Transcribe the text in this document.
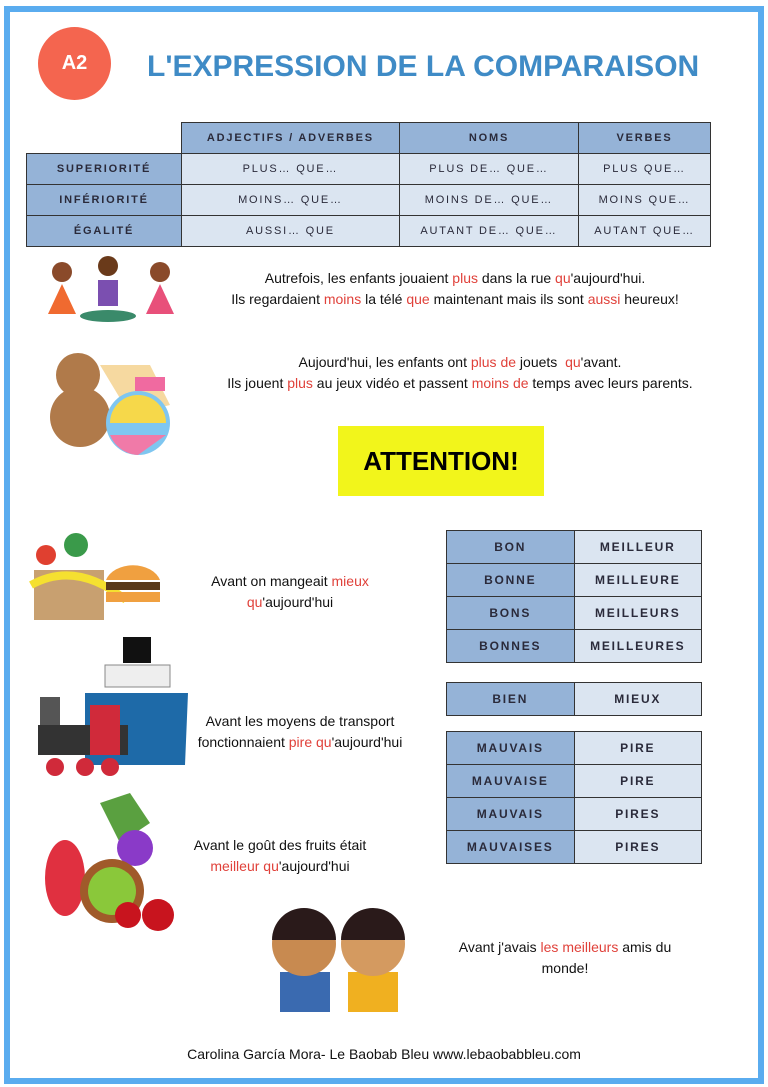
A2	L'EXPRESSION DE LA COMPARAISON
	ADJECTIFS / ADVERBES	NOMS	VERBES
SUPERIORITÉ	PLUS… QUE…	PLUS DE… QUE…	PLUS QUE…
INFÉRIORITÉ	MOINS… QUE…	MOINS DE… QUE…	MOINS QUE…
ÉGALITÉ	AUSSI… QUE	AUTANT DE… QUE…	AUTANT QUE…
Autrefois, les enfants jouaient plus dans la rue qu'aujourd'hui.
Ils regardaient moins la télé que maintenant mais ils sont aussi heureux!
Aujourd'hui, les enfants ont plus de jouets  qu'avant.
Ils jouent plus au jeux vidéo et passent moins de temps avec leurs parents.
ATTENTION!
Avant on mangeait mieux
qu'aujourd'hui
Avant les moyens de transport
fonctionnaient pire qu'aujourd'hui
Avant le goût des fruits était
meilleur qu'aujourd'hui
Avant j'avais les meilleurs amis du
monde!
BON	MEILLEUR
BONNE	MEILLEURE
BONS	MEILLEURS
BONNES	MEILLEURES
BIEN	MIEUX
MAUVAIS	PIRE
MAUVAISE	PIRE
MAUVAIS	PIRES
MAUVAISES	PIRES
Carolina García Mora- Le Baobab Bleu www.lebaobabbleu.com
